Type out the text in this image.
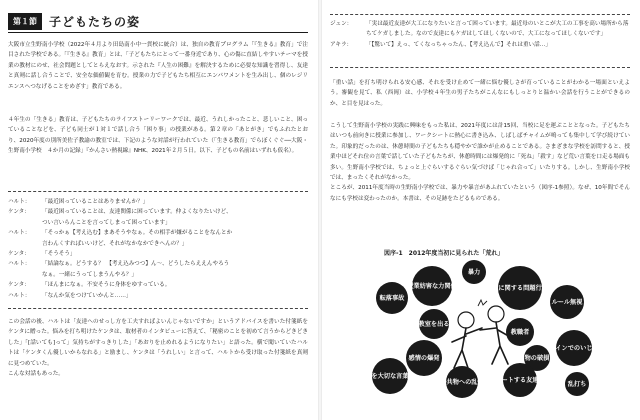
第１節	子どもたちの姿

大阪市立生野南小学校（2022年４月より田島南小中一貫校に統合）は、独自の教育プログラム「『生きる』教育」で注目された学校である。「『生きる』教育」とは、「子どもたちにとって一番身近であり、心の傷に直結しやすいテーマを授業の教材にのせ、社会問題としてとらえなおす。示された『人生の困難』を解決するために必要な知識を習得し、友達と真剣に話し合うことで、安全な価値観を育む。授業の力で子どもたち相互にエンパワメントを生み出し、個のレジリエンスへつなげることをめざす」教育である。

４年生の「生きる」教育は、子どもたちのライフストーリーワークでは、最近、うれしかったこと、悲しいこと、困っていることなどを、子ども同士が１対１で話し合う「困り事」の授業がある。第２章の「あとがき」でもふれたとおり、2020年度の別所美佐子教諭の教室では、下記のような対話が行われていた（「生きる教育」でらぼくぐぐ──大阪・生野南小学校　４か月の記録」『かんさい熱視線』NHK、2021年２月５日。以下、子どもの名前はいずれも仮名）。

ハルト：	「最近困っていることはありませんか？」
ケンタ：	「最近困っていることは、友達関係に困っています。仲よくなりたいけど、
つい言いらんことを言ってしまって困っています」
ハルト：	「そっかぁ【考え込む】まあそうやなぁ。その相手が嫌がることをなんとか
言わんくすればいいけど、それがなかなかできへんの？」
ケンタ：	「そうそう」
ハルト：	「結論なぁ。どうする？　【考え込みつつ】ん〜、どうしたらええんやろう
なぁ。一緒にうってしまうんやろ？」
ケンタ：	「ほんまになぁ。不安そうに身体をゆすっている。
ハルト：	「なんか気をつけていかんと……」

この会話の後、ハルトは「友達へのせっし方を工夫すればよいんじゃないですか」というアドバイスを書いた付箋紙をケンタに贈った。悩みを打ち明けたケンタは、取材者のインタビューに答えて、「秘密のことを初めて言うからどきどきした」「[話いても]って」気持ちがすっきりした」「あおりを止めれるようになりたい」と語った。横で聞いていたハルトは「ケンタくん優しいからなれる」と励まし、ケンタは「うれしい」と言って、ハルトから受け取った付箋紙を真剣に見つめていた。
こんな対話もあった。

ジュン：	「実は最近友達が大工になりたいと言って困っています。最近母のいとこが大工の工事を高い場所から落ちてケガしました。なので友達にもケガはしてほしくないので、大工になってほしくないです」
アキラ：	「【驚いて】えっ、てくなっちゃったん、【考え込んで】それは重い話…」

「重い話」を打ち明けられる安心感、それを受け止めて一緒に悩む優しさが育っていることがわかる一場面といえよう。審観を見て、私（西岡）は、小学校４年生の男子たちがこんなにもしっとりと温かい会話を行うことができるのか、と目を見はった。

こうして生野南小学校の実践に興味をもった私は、2021年度には計15回、当校に足を運ぶこととなった。子どもたちはいつも前向きに授業に参加し、ワークシートに熱心に書き込み、しばしばチャイムが鳴っても集中して学び続けていた。印象的だったのは、休憩時間の子どもたちも穏やかで誰かが止めることである。さまざまな学校を訪問すると、授業中ほどそれ位の言葉で話していた子どもたちが、休憩時間には爆発的に「死ね」「殺す」など荒い言葉を口走る場面も多い。生野南小学校では、ちょっと上ぐらいするぐらい気づけば「じゃれ合って」いたりする。しかし、生野南小学校では、まったくそれがなかった。
ところが、2011年度当時の生野南小学校では、暴力や暴言があふれていたという（図序-1参照）。なぜ、10年間でそんなにも学校は変わったのか。本書は、その足跡をたどるものである。

図序-1　2012年度当初に見られた「荒れ」
転落事故
授業妨害な力関係
暴力
性に関する問題行動
ルール無視
教室を出る
感情の爆発
教職者
物の破損
ラインでのいじめ
心を大切な言葉が
公共物への乱入
エスカレートする友達への暴力
乱打ち
